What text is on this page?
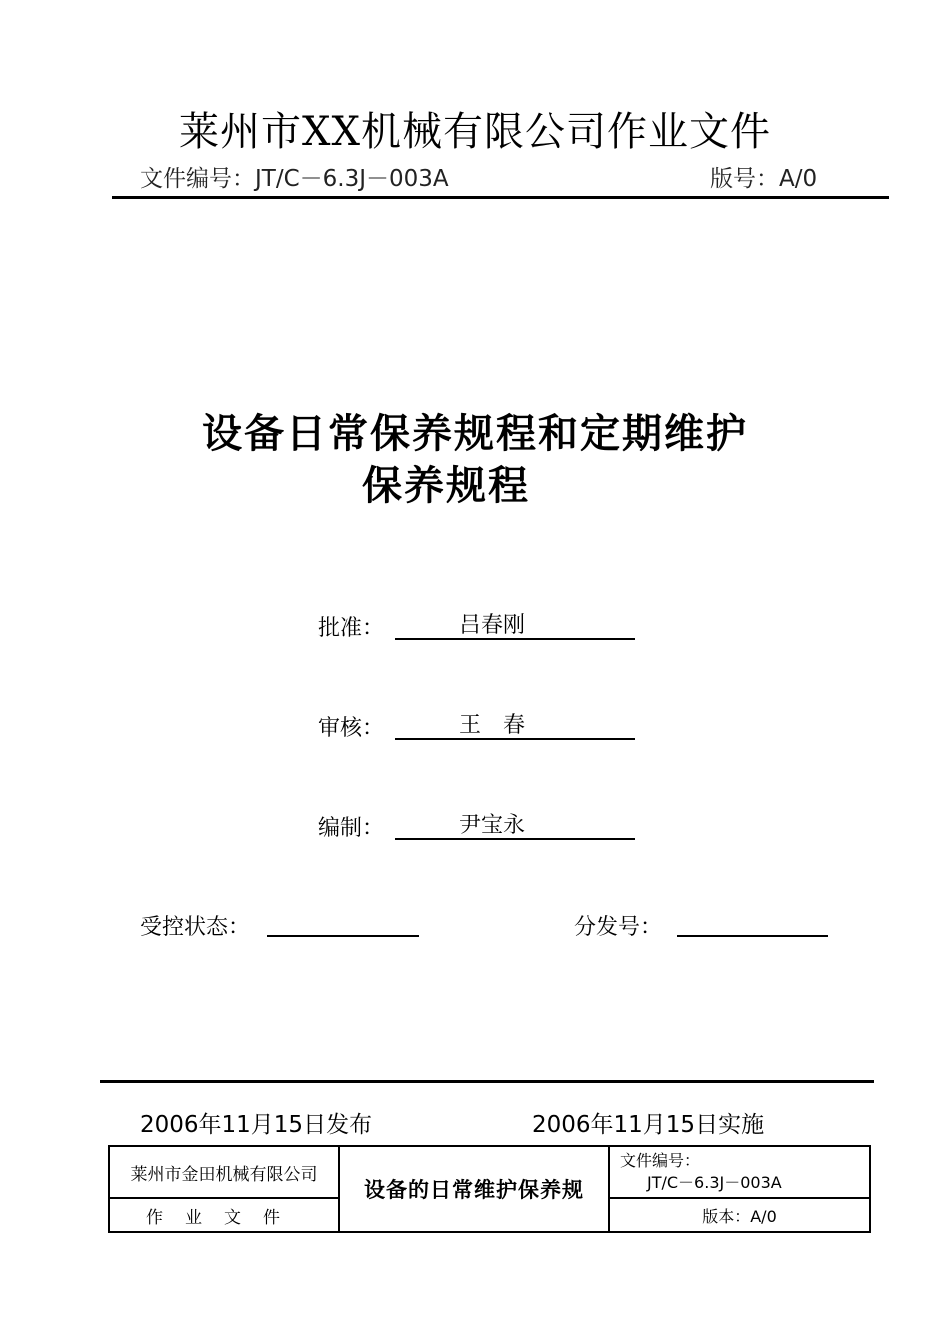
莱州市XX机械有限公司作业文件
文件编号：JT/C－6.3J－003A	版号：A/0
设备日常保养规程和定期维护
保养规程
批准：	吕春刚
审核：	王　春
编制：	尹宝永
受控状态：	分发号：
2006年11月15日发布	2006年11月15日实施
莱州市金田机械有限公司	设备的日常维护保养规	文件编号：
JT/C－6.3J－003A

作业文件		版本：A/0
